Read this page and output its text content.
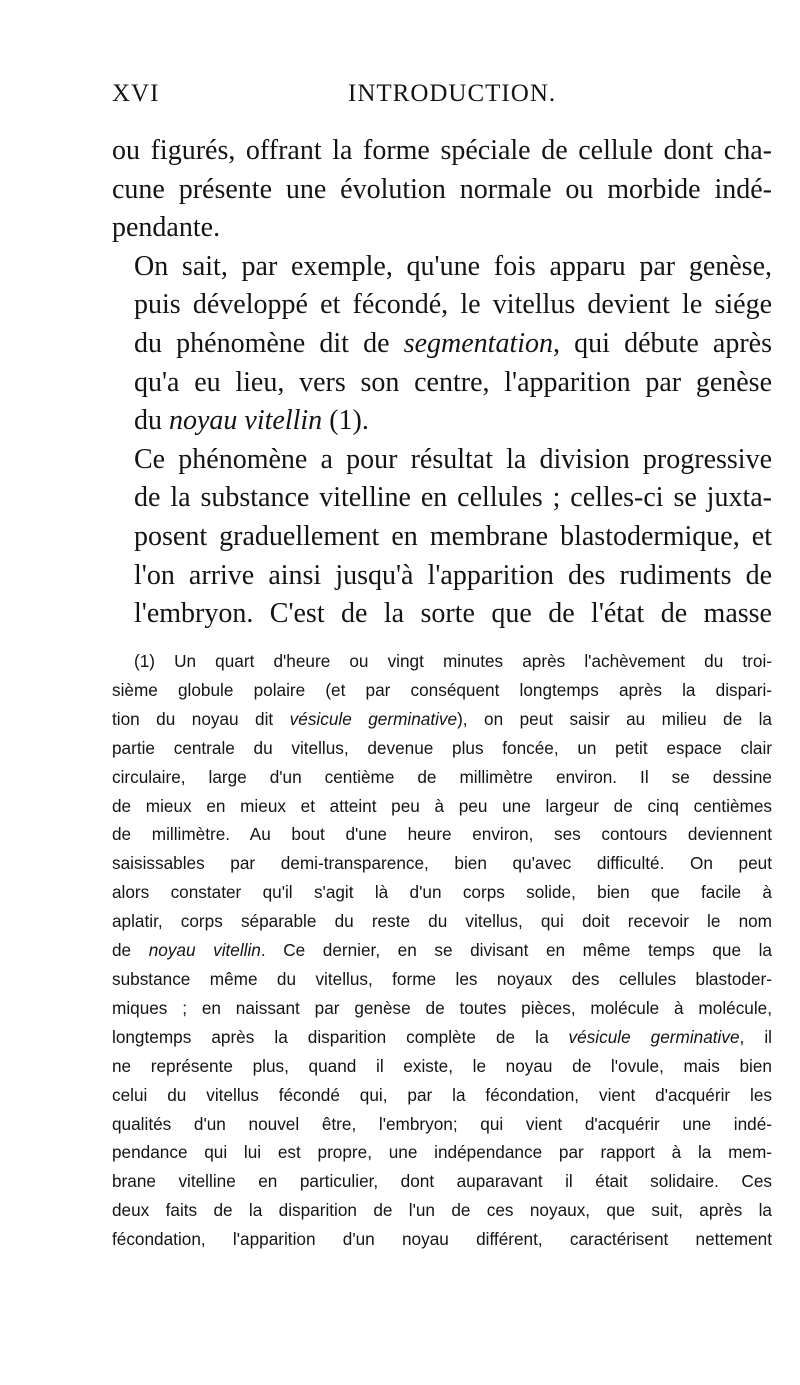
XVI	INTRODUCTION.

ou figurés, offrant la forme spéciale de cellule dont cha-
cune présente une évolution normale ou morbide indé-
pendante.

On sait, par exemple, qu'une fois apparu par genèse,
puis développé et fécondé, le vitellus devient le siége
du phénomène dit de segmentation, qui débute après
qu'a eu lieu, vers son centre, l'apparition par genèse
du noyau vitellin (1).

Ce phénomène a pour résultat la division progressive
de la substance vitelline en cellules ; celles-ci se juxta-
posent graduellement en membrane blastodermique, et
l'on arrive ainsi jusqu'à l'apparition des rudiments de
l'embryon. C'est de la sorte que de l'état de masse

(1) Un quart d'heure ou vingt minutes après l'achèvement du troi-
sième globule polaire (et par conséquent longtemps après la dispari-
tion du noyau dit vésicule germinative), on peut saisir au milieu de la
partie centrale du vitellus, devenue plus foncée, un petit espace clair
circulaire, large d'un centième de millimètre environ. Il se dessine
de mieux en mieux et atteint peu à peu une largeur de cinq centièmes
de millimètre. Au bout d'une heure environ, ses contours deviennent
saisissables par demi-transparence, bien qu'avec difficulté. On peut
alors constater qu'il s'agit là d'un corps solide, bien que facile à
aplatir, corps séparable du reste du vitellus, qui doit recevoir le nom
de noyau vitellin. Ce dernier, en se divisant en même temps que la
substance même du vitellus, forme les noyaux des cellules blastoder-
miques ; en naissant par genèse de toutes pièces, molécule à molécule,
longtemps après la disparition complète de la vésicule germinative, il
ne représente plus, quand il existe, le noyau de l'ovule, mais bien
celui du vitellus fécondé qui, par la fécondation, vient d'acquérir les
qualités d'un nouvel être, l'embryon; qui vient d'acquérir une indé-
pendance qui lui est propre, une indépendance par rapport à la mem-
brane vitelline en particulier, dont auparavant il était solidaire. Ces
deux faits de la disparition de l'un de ces noyaux, que suit, après la
fécondation, l'apparition d'un noyau différent, caractérisent nettement
